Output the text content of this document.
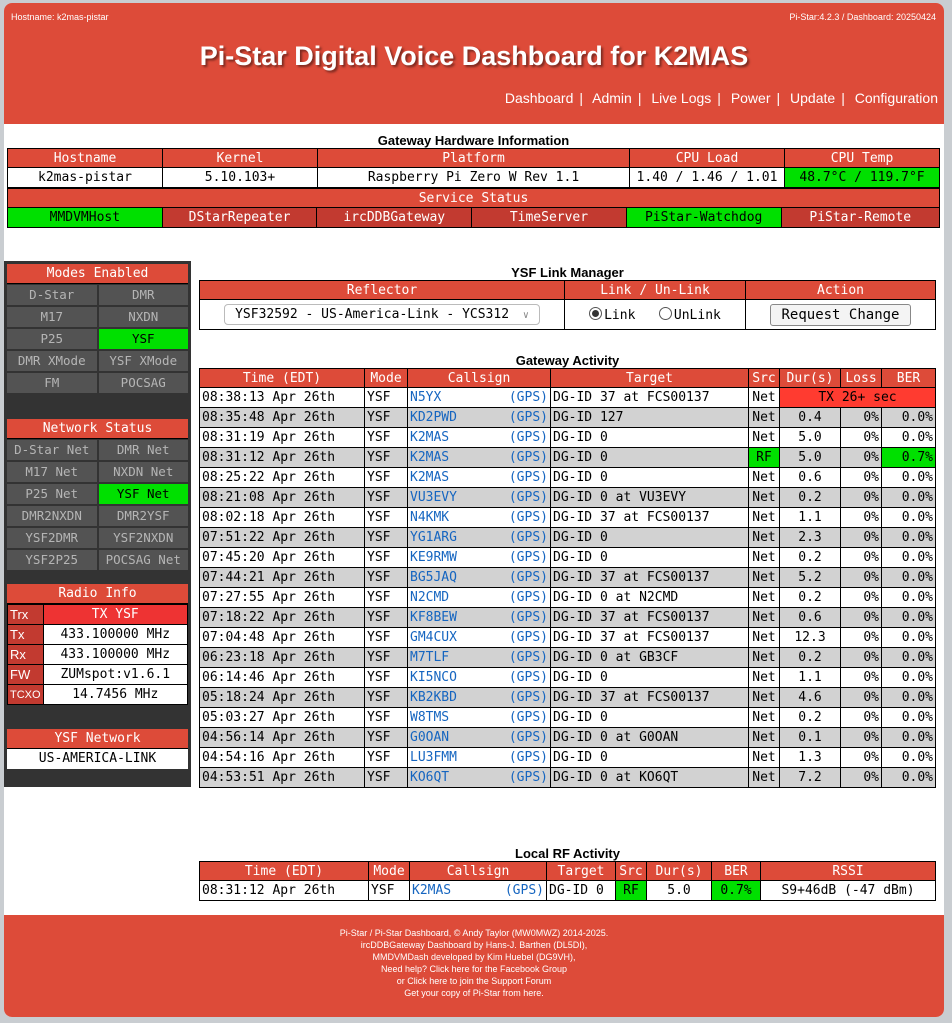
Hostname: k2mas-pistar	Pi-Star:4.2.3 / Dashboard: 20250424
Pi-Star Digital Voice Dashboard for K2MAS
Dashboard | Admin | Live Logs | Power | Update | Configuration
Gateway Hardware Information
Hostname	Kernel	Platform	CPU Load	CPU Temp
k2mas-pistar	5.10.103+	Raspberry Pi Zero W Rev 1.1	1.40 / 1.46 / 1.01	48.7°C / 119.7°F
Service Status
MMDVMHost	DStarRepeater	ircDDBGateway	TimeServer	PiStar-Watchdog	PiStar-Remote
Modes Enabled
D-Star	DMR
M17	NXDN
P25	YSF
DMR XMode	YSF XMode
FM	POCSAG
Network Status
D-Star Net	DMR Net
M17 Net	NXDN Net
P25 Net	YSF Net
DMR2NXDN	DMR2YSF
YSF2DMR	YSF2NXDN
YSF2P25	POCSAG Net
Radio Info
Trx	TX YSF
Tx	433.100000 MHz
Rx	433.100000 MHz
FW	ZUMspot:v1.6.1
TCXO	14.7456 MHz
YSF Network
US-AMERICA-LINK
YSF Link Manager
Reflector	Link / Un-Link	Action
YSF32592 - US-America-Link - YCS312 ∨	Link UnLink	Request Change
Gateway Activity
Time (EDT)	Mode	Callsign	Target	Src	Dur(s)	Loss	BER
08:38:13 Apr 26th	YSF	N5YX (GPS)	DG-ID 37 at FCS00137	Net	TX 26+ sec		
08:35:48 Apr 26th	YSF	KD2PWD (GPS)	DG-ID 127	Net	0.4	0%	0.0%
08:31:19 Apr 26th	YSF	K2MAS (GPS)	DG-ID 0	Net	5.0	0%	0.0%
08:31:12 Apr 26th	YSF	K2MAS (GPS)	DG-ID 0	RF	5.0	0%	0.7%
08:25:22 Apr 26th	YSF	K2MAS (GPS)	DG-ID 0	Net	0.6	0%	0.0%
08:21:08 Apr 26th	YSF	VU3EVY (GPS)	DG-ID 0 at VU3EVY	Net	0.2	0%	0.0%
08:02:18 Apr 26th	YSF	N4KMK (GPS)	DG-ID 37 at FCS00137	Net	1.1	0%	0.0%
07:51:22 Apr 26th	YSF	YG1ARG (GPS)	DG-ID 0	Net	2.3	0%	0.0%
07:45:20 Apr 26th	YSF	KE9RMW (GPS)	DG-ID 0	Net	0.2	0%	0.0%
07:44:21 Apr 26th	YSF	BG5JAQ (GPS)	DG-ID 37 at FCS00137	Net	5.2	0%	0.0%
07:27:55 Apr 26th	YSF	N2CMD (GPS)	DG-ID 0 at N2CMD	Net	0.2	0%	0.0%
07:18:22 Apr 26th	YSF	KF8BEW (GPS)	DG-ID 37 at FCS00137	Net	0.6	0%	0.0%
07:04:48 Apr 26th	YSF	GM4CUX (GPS)	DG-ID 37 at FCS00137	Net	12.3	0%	0.0%
06:23:18 Apr 26th	YSF	M7TLF (GPS)	DG-ID 0 at GB3CF	Net	0.2	0%	0.0%
06:14:46 Apr 26th	YSF	KI5NCO (GPS)	DG-ID 0	Net	1.1	0%	0.0%
05:18:24 Apr 26th	YSF	KB2KBD (GPS)	DG-ID 37 at FCS00137	Net	4.6	0%	0.0%
05:03:27 Apr 26th	YSF	W8TMS (GPS)	DG-ID 0	Net	0.2	0%	0.0%
04:56:14 Apr 26th	YSF	G0OAN (GPS)	DG-ID 0 at G0OAN	Net	0.1	0%	0.0%
04:54:16 Apr 26th	YSF	LU3FMM (GPS)	DG-ID 0	Net	1.3	0%	0.0%
04:53:51 Apr 26th	YSF	KO6QT (GPS)	DG-ID 0 at KO6QT	Net	7.2	0%	0.0%
Local RF Activity
Time (EDT)	Mode	Callsign	Target	Src	Dur(s)	BER	RSSI
08:31:12 Apr 26th	YSF	K2MAS (GPS)	DG-ID 0	RF	5.0	0.7%	S9+46dB (-47 dBm)
Pi-Star / Pi-Star Dashboard, © Andy Taylor (MW0MWZ) 2014-2025.
ircDDBGateway Dashboard by Hans-J. Barthen (DL5DI),
MMDVMDash developed by Kim Huebel (DG9VH),
Need help? Click here for the Facebook Group
or Click here to join the Support Forum
Get your copy of Pi-Star from here.
